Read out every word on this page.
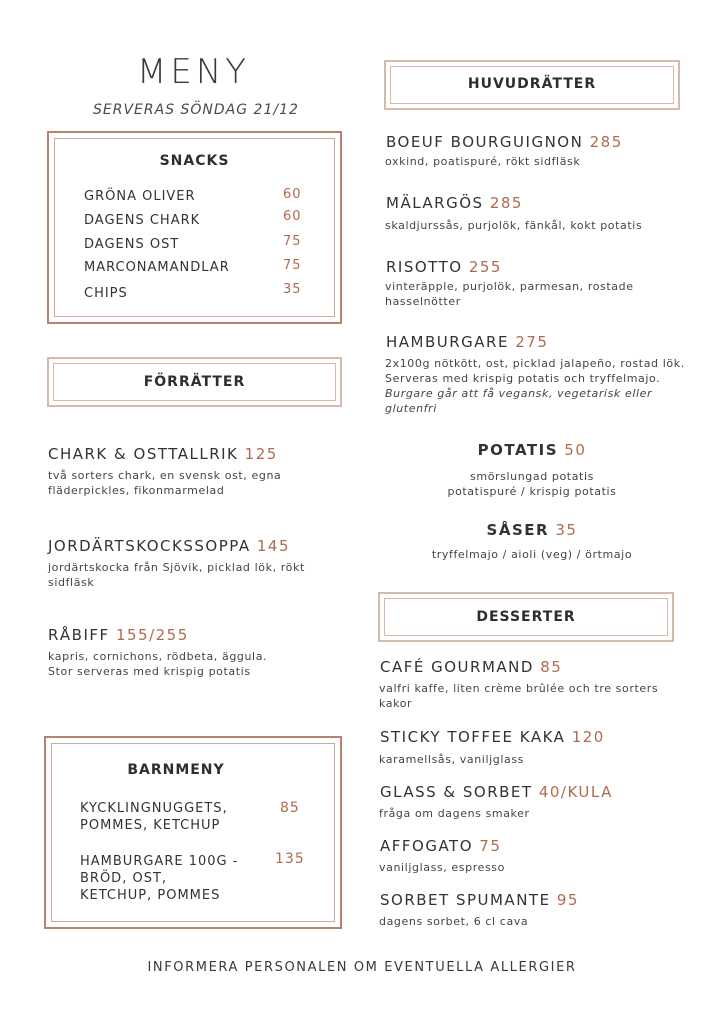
MENY
SERVERAS SÖNDAG 21/12
SNACKS
GRÖNA OLIVER	60
DAGENS CHARK	60
DAGENS OST	75
MARCONAMANDLAR	75
CHIPS	35
FÖRRÄTTER
CHARK & OSTTALLRIK 125
två sorters chark, en svensk ost, egna fläderpickles, fikonmarmelad
JORDÄRTSKOCKSSOPPA 145
jordärtskocka från Sjövik, picklad lök, rökt sidfläsk
RÅBIFF 155/255
kapris, cornichons, rödbeta, äggula. Stor serveras med krispig potatis
BARNMENY
KYCKLINGNUGGETS,
POMMES, KETCHUP
85
HAMBURGARE 100G -
BRÖD, OST,
KETCHUP, POMMES
135
HUVUDRÄTTER
BOEUF BOURGUIGNON 285
oxkind, poatispuré, rökt sidfläsk
MÄLARGÖS 285
skaldjurssås, purjolök, fänkål, kokt potatis
RISOTTO 255
vinteräpple, purjolök, parmesan, rostade hasselnötter
HAMBURGARE 275
2x100g nötkött, ost, picklad jalapeño, rostad lök. Serveras med krispig potatis och tryffelmajo. Burgare går att få vegansk, vegetarisk eller glutenfri
POTATIS 50
smörslungad potatis
potatispuré / krispig potatis
SÅSER 35
tryffelmajo / aioli (veg) / örtmajo
DESSERTER
CAFÉ GOURMAND 85
valfri kaffe, liten crème brûlée och tre sorters kakor
STICKY TOFFEE KAKA 120
karamellsås, vaniljglass
GLASS & SORBET 40/KULA
fråga om dagens smaker
AFFOGATO 75
vaniljglass, espresso
SORBET SPUMANTE 95
dagens sorbet, 6 cl cava
INFORMERA PERSONALEN OM EVENTUELLA ALLERGIER
